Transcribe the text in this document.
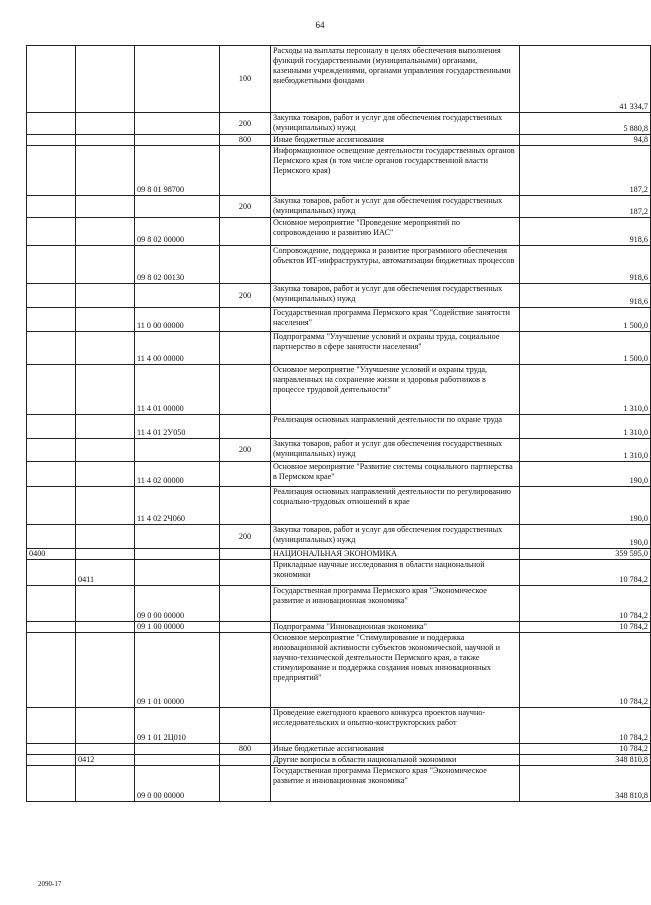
64
			100	Расходы на выплаты персоналу в целях обеспечения выполнения функций государственными (муниципальными) органами, казенными учреждениями, органами управления государственными внебюджетными фондами	41 334,7
			200	Закупка товаров, работ и услуг для обеспечения государственных (муниципальных) нужд	5 880,8
			800	Иные бюджетные ассигнования	94,8
		09 8 01 98700		Информационное освещение деятельности государственных органов Пермского края (в том числе органов государственной власти Пермского края)	187,2
			200	Закупка товаров, работ и услуг для обеспечения государственных (муниципальных) нужд	187,2
		09 8 02 00000		Основное мероприятие "Проведение мероприятий по сопровождению и развитию ИАС"	918,6
		09 8 02 00130		Сопровождение, поддержка и развитие программного обеспечения объектов ИТ-инфраструктуры, автоматизации бюджетных процессов	918,6
			200	Закупка товаров, работ и услуг для обеспечения государственных (муниципальных) нужд	918,6
		11 0 00 00000		Государственная программа Пермского края "Содействие занятости населения"	1 500,0
		11 4 00 00000		Подпрограмма "Улучшение условий и охраны труда, социальное партнерство в сфере занятости населения"	1 500,0
		11 4 01 00000		Основное мероприятие "Улучшение условий и охраны труда, направленных на сохранение жизни и здоровья работников в процессе трудовой деятельности"	1 310,0
		11 4 01 2У050		Реализация основных направлений деятельности по охране труда	1 310,0
			200	Закупка товаров, работ и услуг для обеспечения государственных (муниципальных) нужд	1 310,0
		11 4 02 00000		Основное мероприятие "Развитие системы социального партнерства в Пермском крае"	190,0
		11 4 02 2Ч060		Реализация основных направлений деятельности по регулированию социально-трудовых отношений в крае	190,0
			200	Закупка товаров, работ и услуг для обеспечения государственных (муниципальных) нужд	190,0
0400				НАЦИОНАЛЬНАЯ ЭКОНОМИКА	359 595,0
	0411			Прикладные научные исследования в области национальной экономики	10 784,2
		09 0 00 00000		Государственная программа Пермского края "Экономическое развитие и инновационная экономика"	10 784,2
		09 1 00 00000		Подпрограмма "Инновационная экономика"	10 784,2
		09 1 01 00000		Основное мероприятие "Стимулирование и поддержка инновационной активности субъектов экономической, научной и научно-технической деятельности Пермского края, а также стимулирование и поддержка создания новых инновационных предприятий"	10 784,2
		09 1 01 2Ц010		Проведение ежегодного краевого конкурса проектов научно-исследовательских и опытно-конструкторских работ	10 784,2
			800	Иные бюджетные ассигнования	10 784,2
	0412			Другие вопросы в области национальной экономики	348 810,8
		09 0 00 00000		Государственная программа Пермского края "Экономическое развитие и инновационная экономика"	348 810,8
2090-17
